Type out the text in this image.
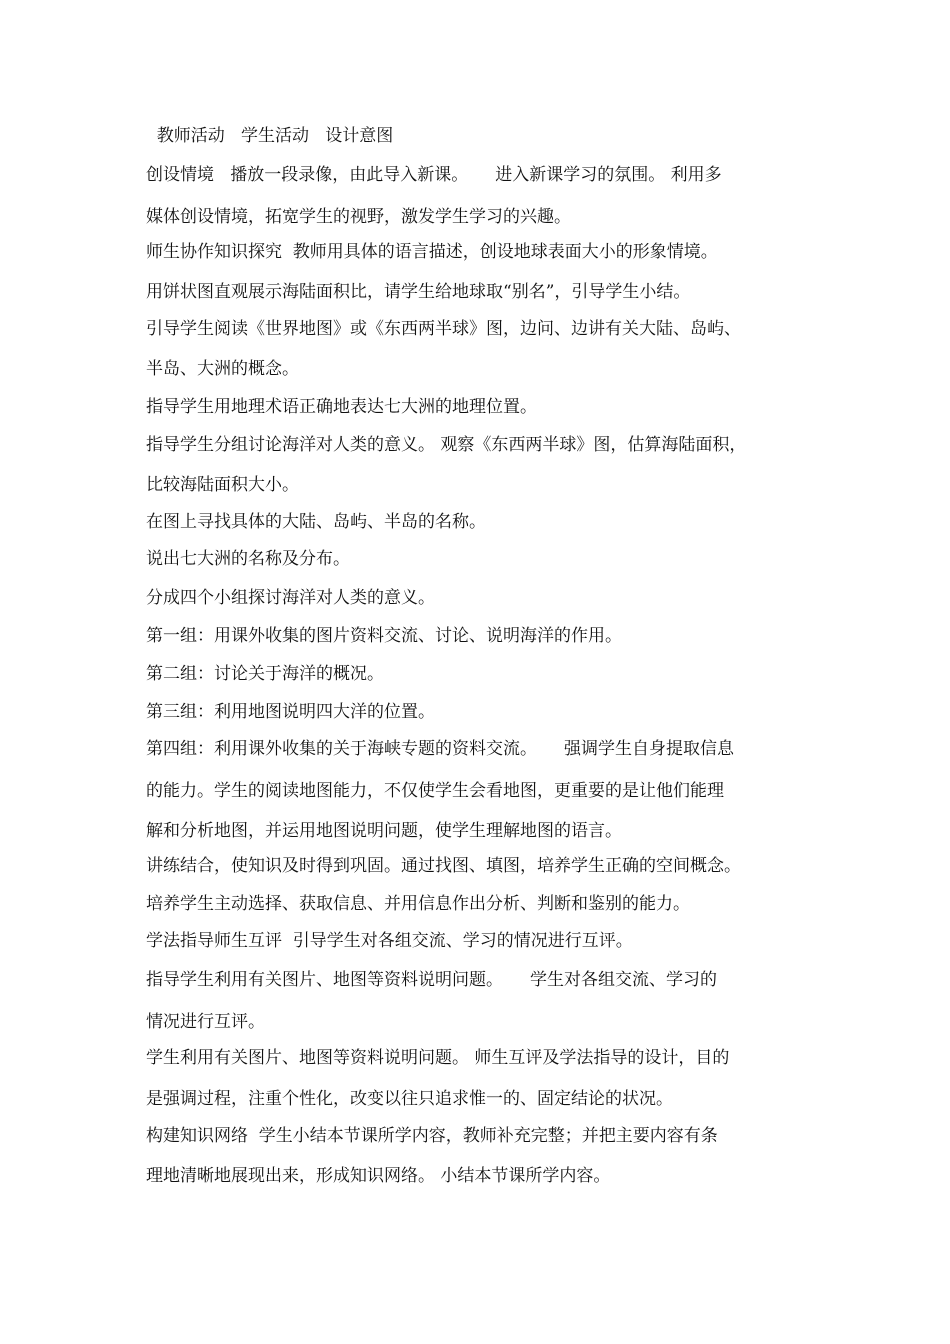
教师活动   学生活动   设计意图
创设情境   播放一段录像，由此导入新课。     进入新课学习的氛围。 利用多
媒体创设情境，拓宽学生的视野，激发学生学习的兴趣。
师生协作知识探究  教师用具体的语言描述，创设地球表面大小的形象情境。
用饼状图直观展示海陆面积比，请学生给地球取“别名”，引导学生小结。
引导学生阅读《世界地图》或《东西两半球》图，边问、边讲有关大陆、岛屿、
半岛、大洲的概念。
指导学生用地理术语正确地表达七大洲的地理位置。
指导学生分组讨论海洋对人类的意义。 观察《东西两半球》图，估算海陆面积，
比较海陆面积大小。
在图上寻找具体的大陆、岛屿、半岛的名称。
说出七大洲的名称及分布。
分成四个小组探讨海洋对人类的意义。
第一组：用课外收集的图片资料交流、讨论、说明海洋的作用。
第二组：讨论关于海洋的概况。
第三组：利用地图说明四大洋的位置。
第四组：利用课外收集的关于海峡专题的资料交流。     强调学生自身提取信息
的能力。学生的阅读地图能力，不仅使学生会看地图，更重要的是让他们能理
解和分析地图，并运用地图说明问题，使学生理解地图的语言。
讲练结合，使知识及时得到巩固。通过找图、填图，培养学生正确的空间概念。
培养学生主动选择、获取信息、并用信息作出分析、判断和鉴别的能力。
学法指导师生互评  引导学生对各组交流、学习的情况进行互评。
指导学生利用有关图片、地图等资料说明问题。     学生对各组交流、学习的
情况进行互评。
学生利用有关图片、地图等资料说明问题。 师生互评及学法指导的设计，目的
是强调过程，注重个性化，改变以往只追求惟一的、固定结论的状况。
构建知识网络  学生小结本节课所学内容，教师补充完整；并把主要内容有条
理地清晰地展现出来，形成知识网络。 小结本节课所学内容。
